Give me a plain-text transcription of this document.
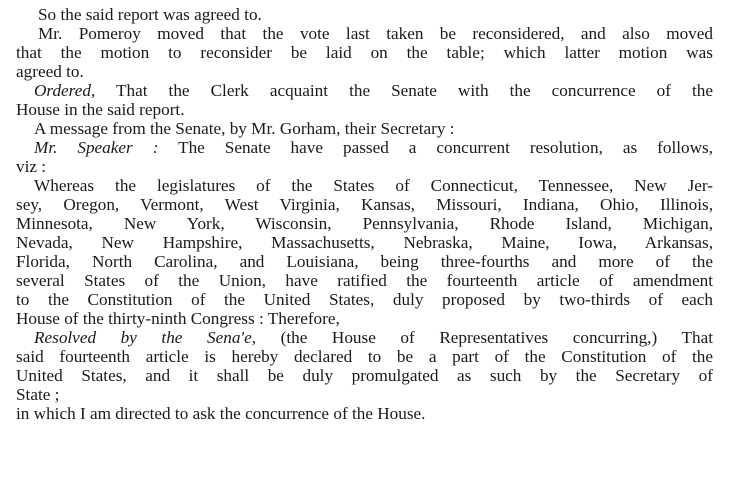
So the said report was agreed to.
Mr. Pomeroy moved that the vote last taken be reconsidered, and also moved
that the motion to reconsider be laid on the table; which latter motion was
agreed to.
Ordered, That the Clerk acquaint the Senate with the concurrence of the
House in the said report.
A message from the Senate, by Mr. Gorham, their Secretary :
Mr. Speaker : The Senate have passed a concurrent resolution, as follows,
viz :
Whereas the legislatures of the States of Connecticut, Tennessee, New Jer-
sey, Oregon, Vermont, West Virginia, Kansas, Missouri, Indiana, Ohio, Illinois,
Minnesota, New York, Wisconsin, Pennsylvania, Rhode Island, Michigan,
Nevada, New Hampshire, Massachusetts, Nebraska, Maine, Iowa, Arkansas,
Florida, North Carolina, and Louisiana, being three-fourths and more of the
several States of the Union, have ratified the fourteenth article of amendment
to the Constitution of the United States, duly proposed by two-thirds of each
House of the thirty-ninth Congress : Therefore,
Resolved by the Sena'e, (the House of Representatives concurring,) That
said fourteenth article is hereby declared to be a part of the Constitution of the
United States, and it shall be duly promulgated as such by the Secretary of
State ;
in which I am directed to ask the concurrence of the House.
